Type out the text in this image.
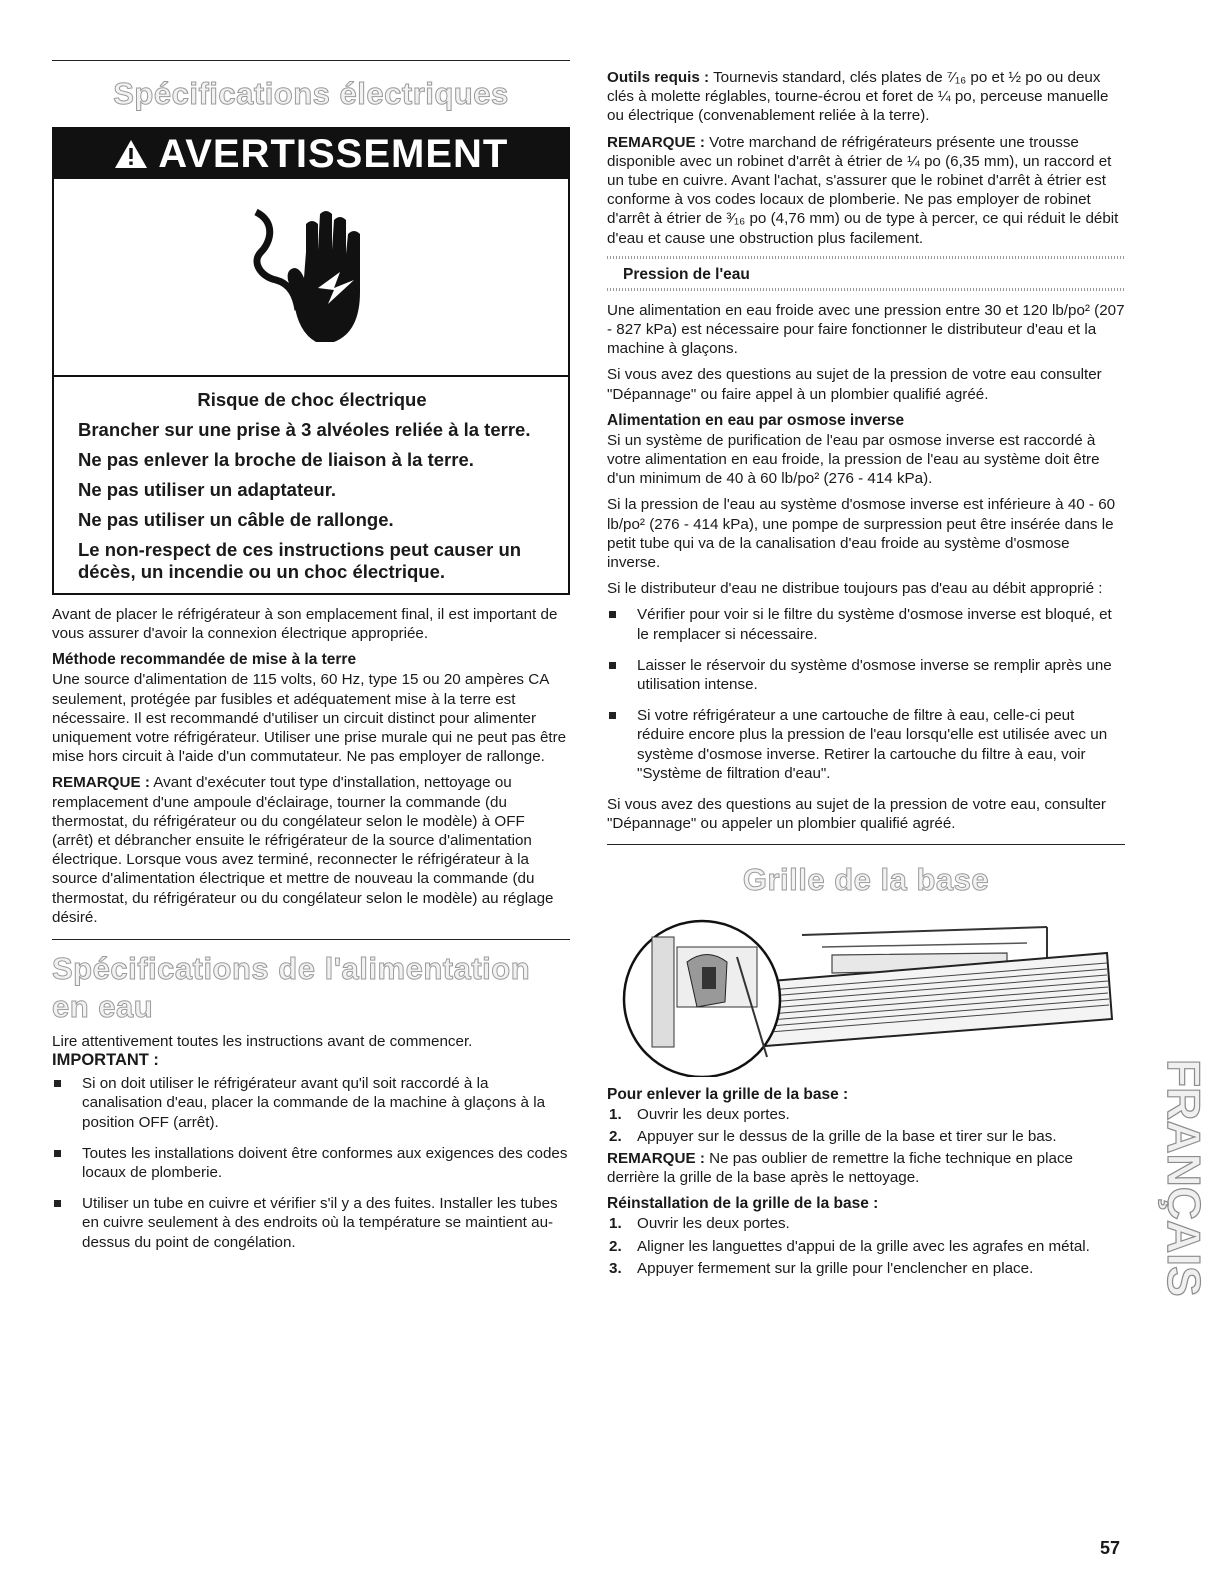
Spécifications électriques
AVERTISSEMENT

Risque de choc électrique

Brancher sur une prise à 3 alvéoles reliée à la terre.

Ne pas enlever la broche de liaison à la terre.

Ne pas utiliser un adaptateur.

Ne pas utiliser un câble de rallonge.

Le non-respect de ces instructions peut causer un décès, un incendie ou un choc électrique.

Avant de placer le réfrigérateur à son emplacement final, il est important de vous assurer d'avoir la connexion électrique appropriée.

Méthode recommandée de mise à la terre

Une source d'alimentation de 115 volts, 60 Hz, type 15 ou 20 ampères CA seulement, protégée par fusibles et adéquatement mise à la terre est nécessaire. Il est recommandé d'utiliser un circuit distinct pour alimenter uniquement votre réfrigérateur. Utiliser une prise murale qui ne peut pas être mise hors circuit à l'aide d'un commutateur. Ne pas employer de rallonge.

REMARQUE : Avant d'exécuter tout type d'installation, nettoyage ou remplacement d'une ampoule d'éclairage, tourner la commande (du thermostat, du réfrigérateur ou du congélateur selon le modèle) à OFF (arrêt) et débrancher ensuite le réfrigérateur de la source d'alimentation électrique. Lorsque vous avez terminé, reconnecter le réfrigérateur à la source d'alimentation électrique et mettre de nouveau la commande (du thermostat, du réfrigérateur ou du congélateur selon le modèle) au réglage désiré.

Spécifications de l'alimentation en eau

Lire attentivement toutes les instructions avant de commencer.

IMPORTANT :

Si on doit utiliser le réfrigérateur avant qu'il soit raccordé à la canalisation d'eau, placer la commande de la machine à glaçons à la position OFF (arrêt).
Toutes les installations doivent être conformes aux exigences des codes locaux de plomberie.
Utiliser un tube en cuivre et vérifier s'il y a des fuites. Installer les tubes en cuivre seulement à des endroits où la température se maintient au-dessus du point de congélation.

Outils requis : Tournevis standard, clés plates de ⁷⁄₁₆ po et ½ po ou deux clés à molette réglables, tourne-écrou et foret de ¼ po, perceuse manuelle ou électrique (convenablement reliée à la terre).

REMARQUE : Votre marchand de réfrigérateurs présente une trousse disponible avec un robinet d'arrêt à étrier de ¼ po (6,35 mm), un raccord et un tube en cuivre. Avant l'achat, s'assurer que le robinet d'arrêt à étrier est conforme à vos codes locaux de plomberie. Ne pas employer de robinet d'arrêt à étrier de ³⁄₁₆ po (4,76 mm) ou de type à percer, ce qui réduit le débit d'eau et cause une obstruction plus facilement.

Pression de l'eau

Une alimentation en eau froide avec une pression entre 30 et 120 lb/po² (207 - 827 kPa) est nécessaire pour faire fonctionner le distributeur d'eau et la machine à glaçons.

Si vous avez des questions au sujet de la pression de votre eau consulter "Dépannage" ou faire appel à un plombier qualifié agréé.

Alimentation en eau par osmose inverse

Si un système de purification de l'eau par osmose inverse est raccordé à votre alimentation en eau froide, la pression de l'eau au système doit être d'un minimum de 40 à 60 lb/po² (276 - 414 kPa).

Si la pression de l'eau au système d'osmose inverse est inférieure à 40 - 60 lb/po² (276 - 414 kPa), une pompe de surpression peut être insérée dans le petit tube qui va de la canalisation d'eau froide au système d'osmose inverse.

Si le distributeur d'eau ne distribue toujours pas d'eau au débit approprié :

Vérifier pour voir si le filtre du système d'osmose inverse est bloqué, et le remplacer si nécessaire.
Laisser le réservoir du système d'osmose inverse se remplir après une utilisation intense.
Si votre réfrigérateur a une cartouche de filtre à eau, celle-ci peut réduire encore plus la pression de l'eau lorsqu'elle est utilisée avec un système d'osmose inverse. Retirer la cartouche du filtre à eau, voir "Système de filtration d'eau".

Si vous avez des questions au sujet de la pression de votre eau, consulter "Dépannage" ou appeler un plombier qualifié agréé.

Grille de la base

Pour enlever la grille de la base :

1. Ouvrir les deux portes.
2. Appuyer sur le dessus de la grille de la base et tirer sur le bas.

REMARQUE : Ne pas oublier de remettre la fiche technique en place derrière la grille de la base après le nettoyage.

Réinstallation de la grille de la base :

1. Ouvrir les deux portes.
2. Aligner les languettes d'appui de la grille avec les agrafes en métal.
3. Appuyer fermement sur la grille pour l'enclencher en place.	FRANÇAIS
57
